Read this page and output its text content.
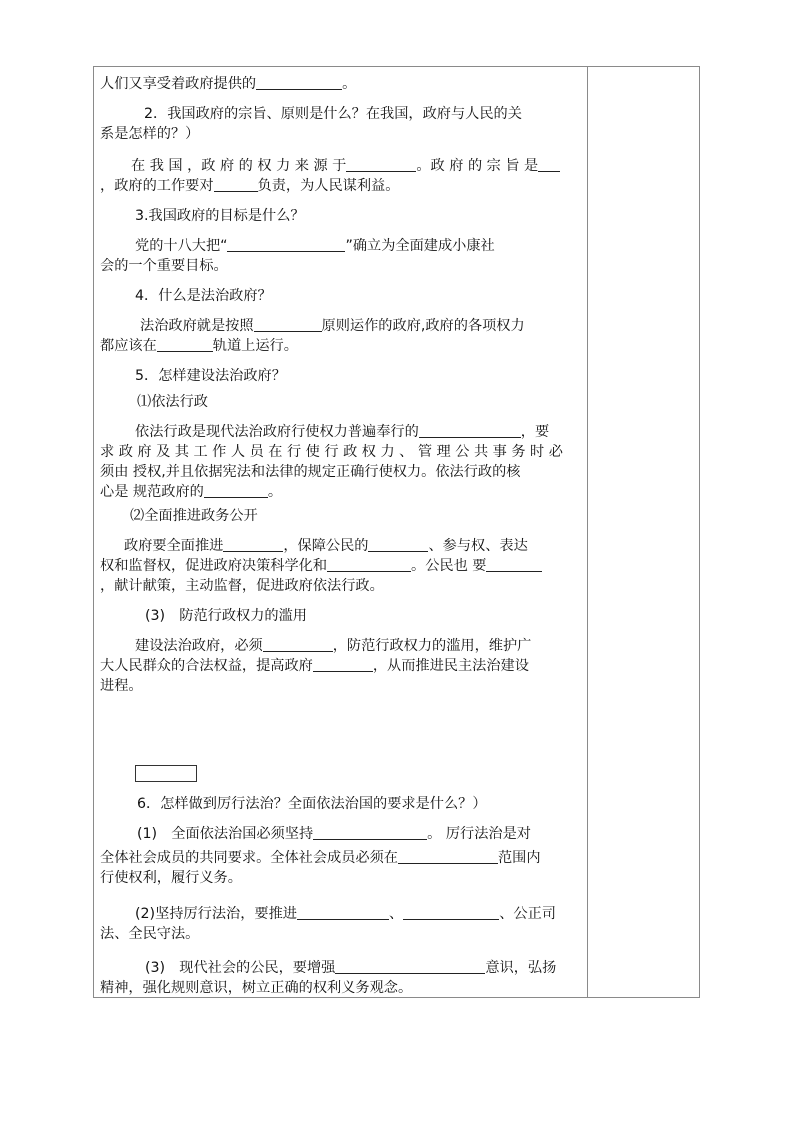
人们又享受着政府提供的	。
2．我国政府的宗旨、原则是什么？在我国，政府与人民的关
系是怎样的？）
在 我 国 ，政 府 的 权 力 来 源 于	。政 府 的 宗 旨 是
，政府的工作要对	负责，为人民谋利益。
3.我国政府的目标是什么？
党的十八大把“	”确立为全面建成小康社
会的一个重要目标。
4．什么是法治政府？
法治政府就是按照	原则运作的政府,政府的各项权力
都应该在	轨道上运行。
5．怎样建设法治政府？
⑴依法行政
依法行政是现代法治政府行使权力普遍奉行的	，要
求 政 府 及 其 工 作 人 员 在 行 使 行 政 权 力 、 管 理 公 共 事 务 时 必
须由 授权,并且依据宪法和法律的规定正确行使权力。依法行政的核
心是 规范政府的	。
⑵全面推进政务公开
政府要全面推进	，保障公民的	、参与权、表达
权和监督权，促进政府决策科学化和	。公民也 要
，献计献策，主动监督，促进政府依法行政。
(3)　防范行政权力的滥用
建设法治政府，必须	，防范行政权力的滥用，维护广
大人民群众的合法权益，提高政府	，从而推进民主法治建设
进程。
6．怎样做到厉行法治？全面依法治国的要求是什么？）
(1)　全面依法治国必须坚持	。 厉行法治是对
全体社会成员的共同要求。全体社会成员必须在	范围内
行使权利，履行义务。
(2)坚持厉行法治，要推进	、	、公正司
法、全民守法。
(3)　现代社会的公民，要增强	意识，弘扬
精神，强化规则意识，树立正确的权利义务观念。
